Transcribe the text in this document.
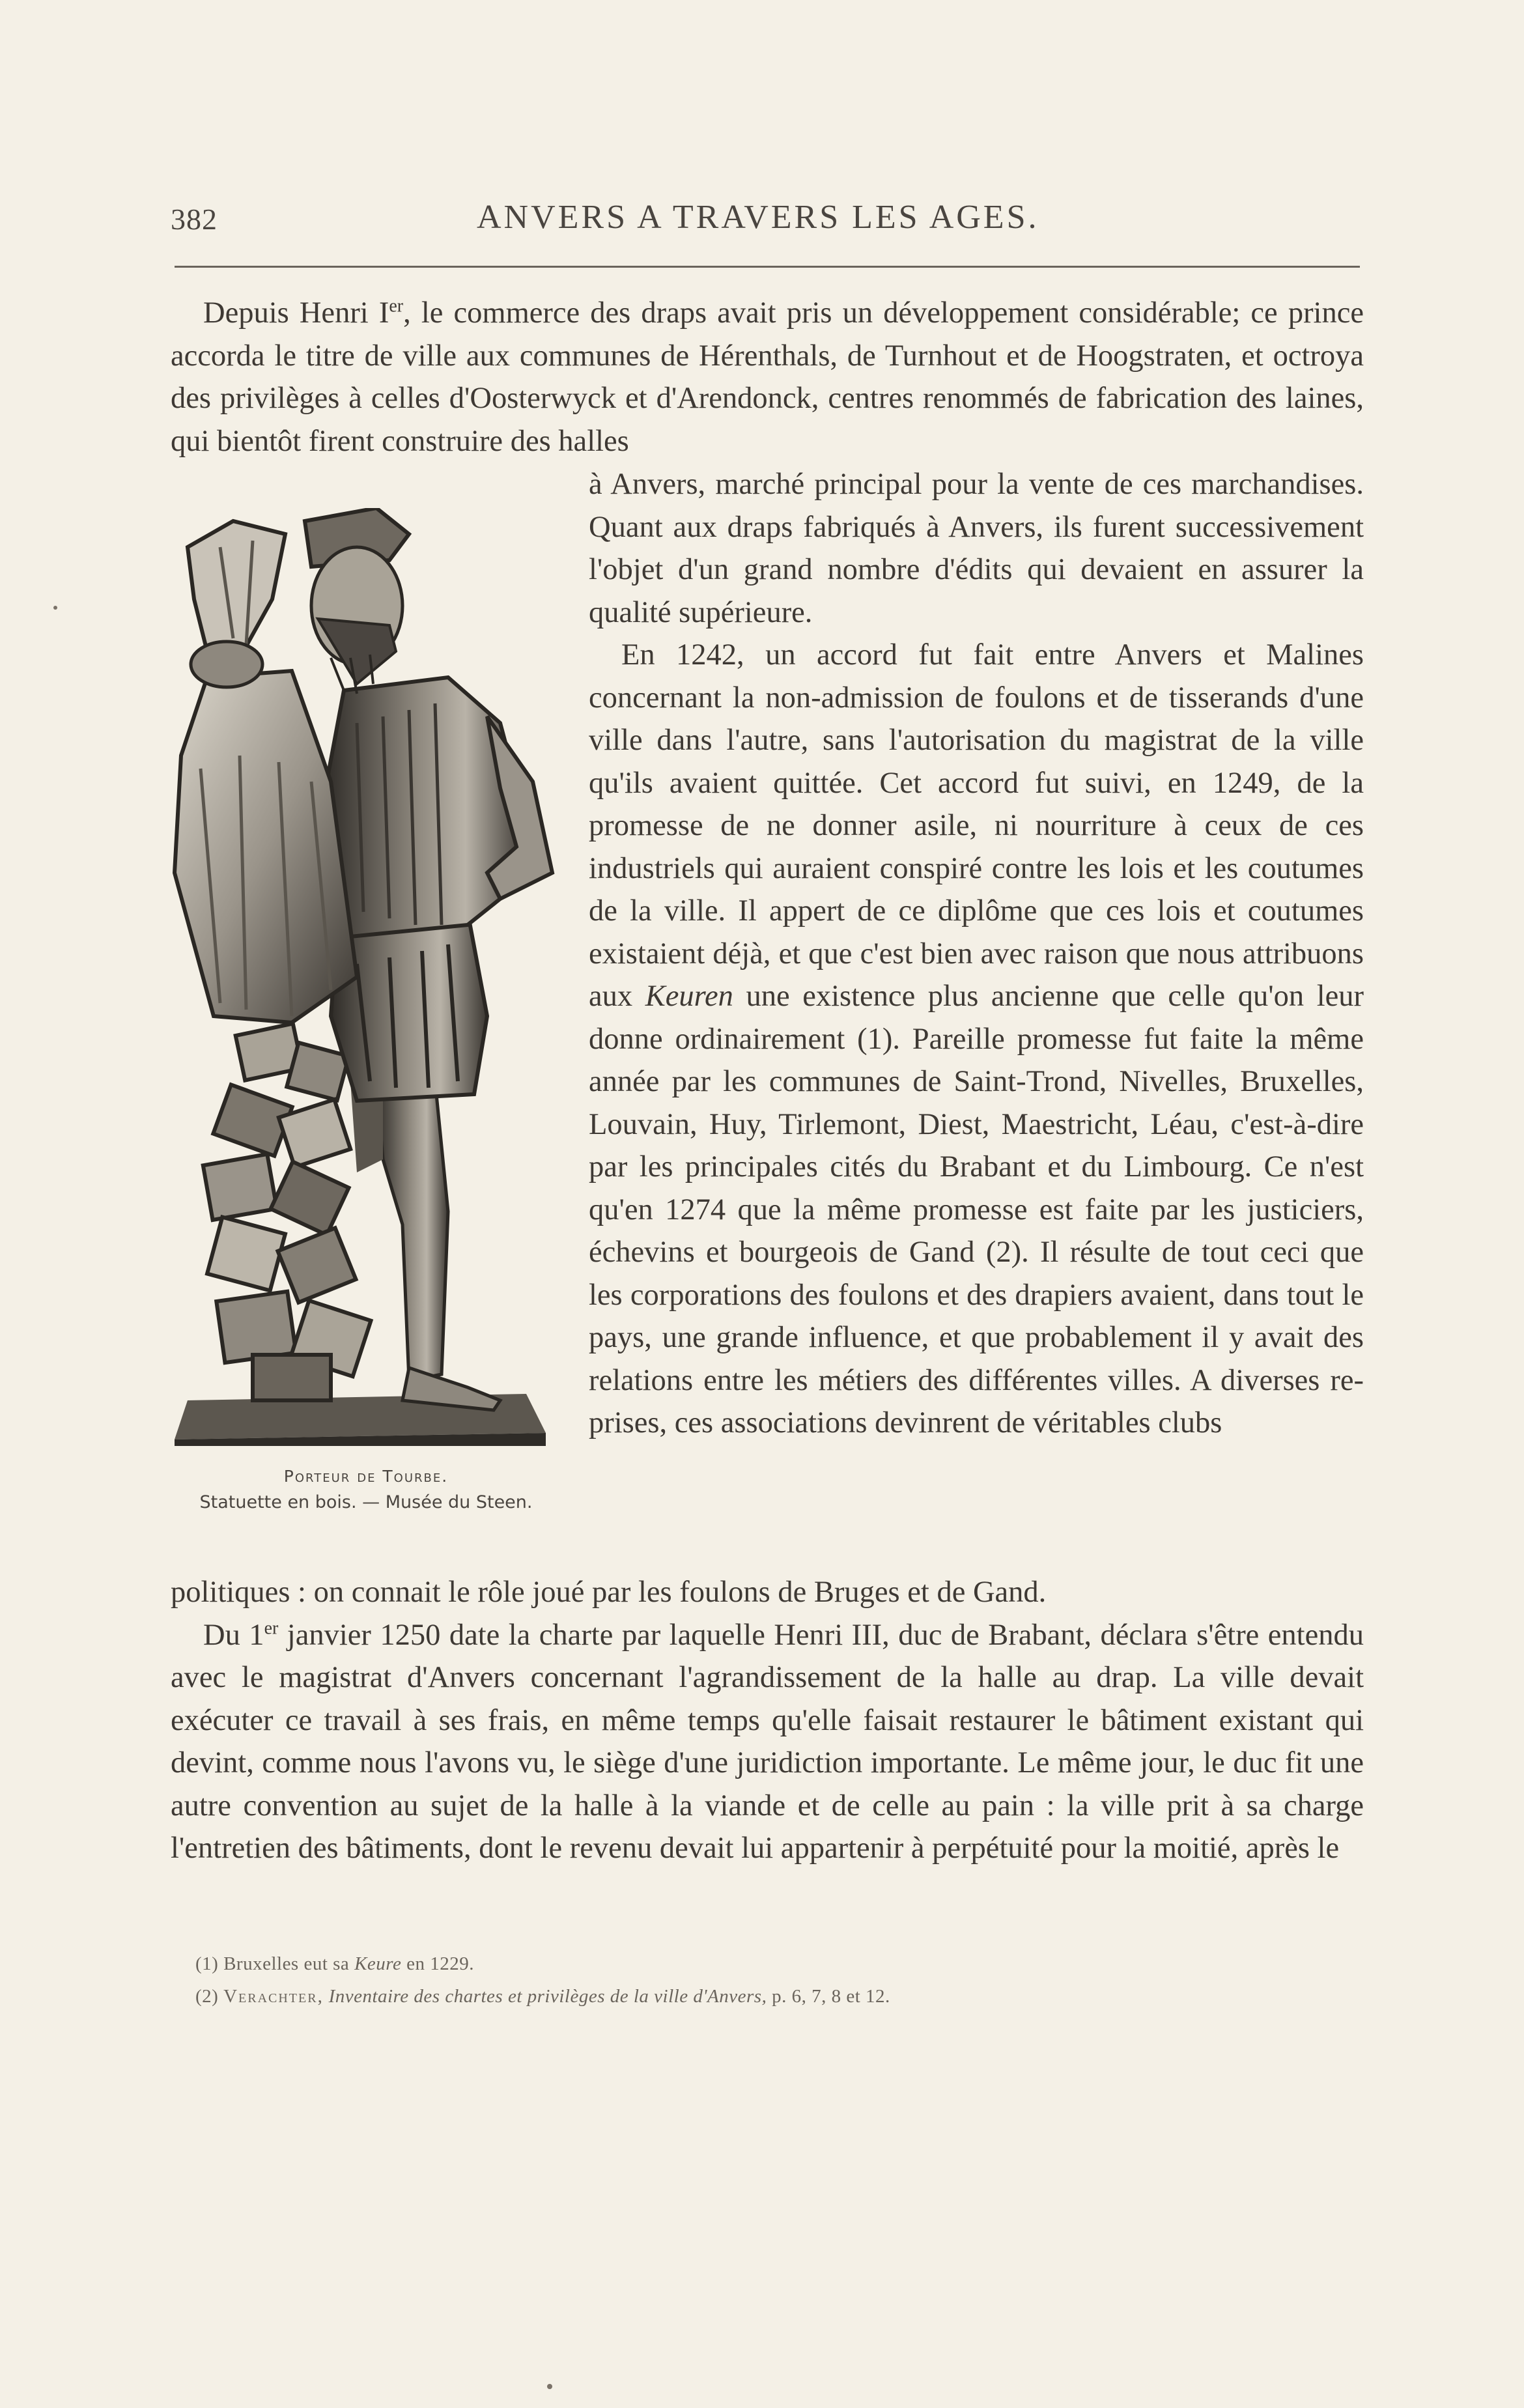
382	ANVERS A TRAVERS LES AGES.

Depuis Henri Ier, le commerce des draps avait pris un développement considérable; ce prince accorda le titre de ville aux communes de Hérenthals, de Turnhout et de Hoogstraten, et octroya des privilèges à celles d'Oosterwyck et d'Arendonck, centres renommés de fabrication des laines, qui bientôt firent construire des halles

à Anvers, marché principal pour la vente de ces marchandises. Quant aux draps fabriqués à Anvers, ils furent successivement l'objet d'un grand nombre d'édits qui devaient en assurer la qualité supérieure.

En 1242, un accord fut fait entre Anvers et Malines concernant la non-admission de foulons et de tisserands d'une ville dans l'autre, sans l'autorisation du magistrat de la ville qu'ils avaient quittée. Cet accord fut suivi, en 1249, de la promesse de ne donner asile, ni nourriture à ceux de ces industriels qui auraient conspiré contre les lois et les coutumes de la ville. Il appert de ce diplôme que ces lois et coutumes existaient déjà, et que c'est bien avec raison que nous attribuons aux Keuren une existence plus ancienne que celle qu'on leur donne ordinairement (1). Pareille promesse fut faite la même année par les communes de Saint-Trond, Nivelles, Bruxelles, Louvain, Huy, Tirlemont, Diest, Maestricht, Léau, c'est-à-dire par les principales cités du Brabant et du Limbourg. Ce n'est qu'en 1274 que la même promesse est faite par les justiciers, échevins et bourgeois de Gand (2). Il résulte de tout ceci que les corporations des foulons et des drapiers avaient, dans tout le pays, une grande influence, et que probablement il y avait des relations entre les métiers des différentes villes. A diverses reprises, ces associations devinrent de véritables clubs

Porteur de Tourbe.
Statuette en bois. — Musée du Steen.

politiques : on connait le rôle joué par les foulons de Bruges et de Gand.

Du 1er janvier 1250 date la charte par laquelle Henri III, duc de Brabant, déclara s'être entendu avec le magistrat d'Anvers concernant l'agrandissement de la halle au drap. La ville devait exécuter ce travail à ses frais, en même temps qu'elle faisait restaurer le bâtiment existant qui devint, comme nous l'avons vu, le siège d'une juridiction importante. Le même jour, le duc fit une autre convention au sujet de la halle à la viande et de celle au pain : la ville prit à sa charge l'entretien des bâtiments, dont le revenu devait lui appartenir à perpétuité pour la moitié, après le

(1) Bruxelles eut sa Keure en 1229.

(2) Verachter, Inventaire des chartes et privilèges de la ville d'Anvers, p. 6, 7, 8 et 12.
